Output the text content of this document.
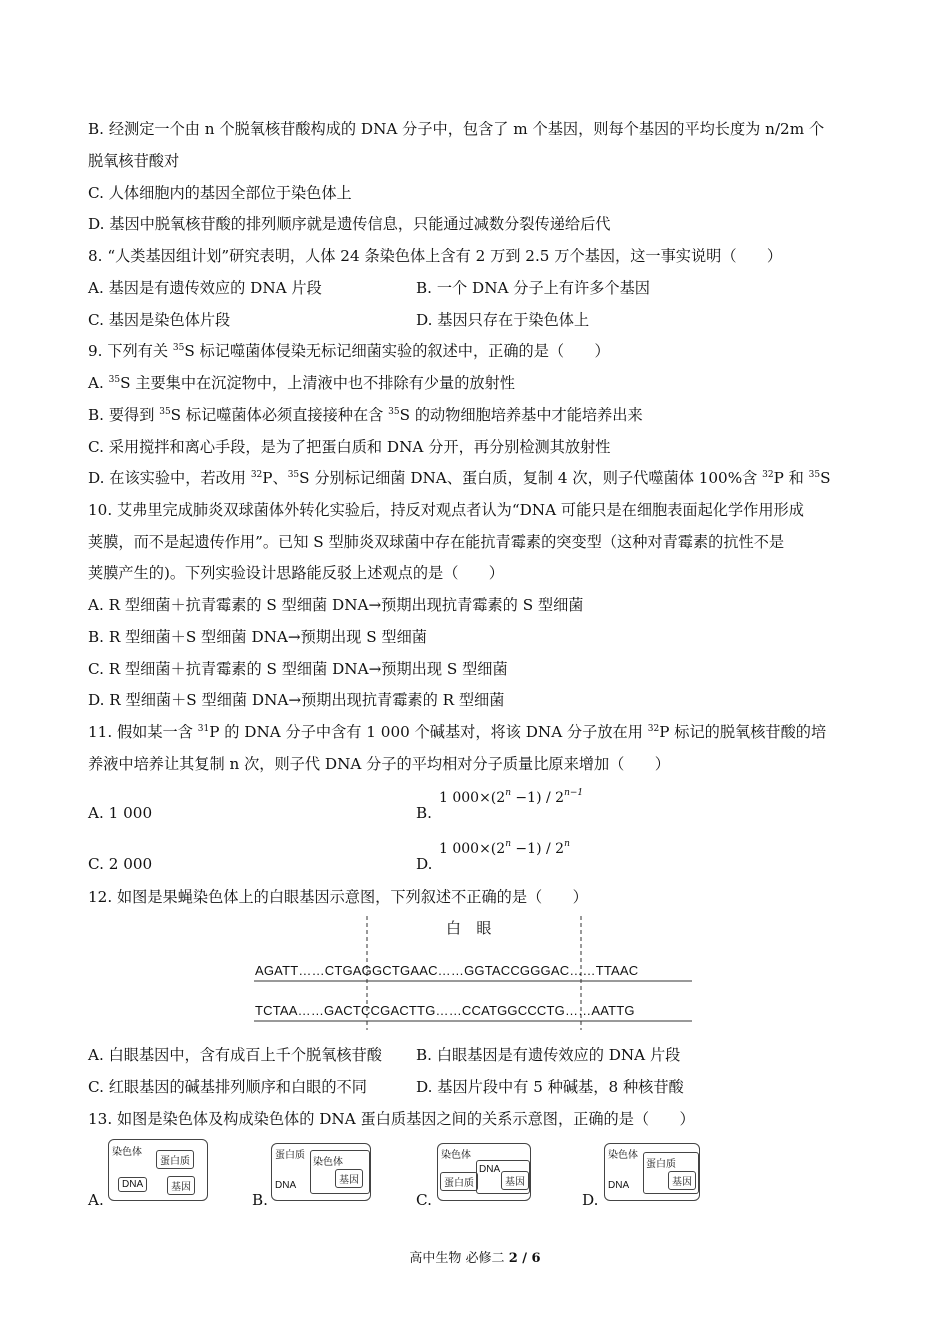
B. 经测定一个由 n 个脱氧核苷酸构成的 DNA 分子中，包含了 m 个基因，则每个基因的平均长度为 n/2m 个
脱氧核苷酸对
C. 人体细胞内的基因全部位于染色体上
D. 基因中脱氧核苷酸的排列顺序就是遗传信息，只能通过减数分裂传递给后代
8. “人类基因组计划”研究表明，人体 24 条染色体上含有 2 万到 2.5 万个基因，这一事实说明（　　）
A. 基因是有遗传效应的 DNA 片段	B. 一个 DNA 分子上有许多个基因
C. 基因是染色体片段	D. 基因只存在于染色体上
9. 下列有关 $^{35}$S 标记噬菌体侵染无标记细菌实验的叙述中，正确的是（　　）
A. $^{35}$S 主要集中在沉淀物中，上清液中也不排除有少量的放射性
B. 要得到 $^{35}$S 标记噬菌体必须直接接种在含 $^{35}$S 的动物细胞培养基中才能培养出来
C. 采用搅拌和离心手段，是为了把蛋白质和 DNA 分开，再分别检测其放射性
D. 在该实验中，若改用 $^{32}$P、$^{35}$S 分别标记细菌 DNA、蛋白质，复制 4 次，则子代噬菌体 100%含 $^{32}$P 和 $^{35}$S
10. 艾弗里完成肺炎双球菌体外转化实验后，持反对观点者认为“DNA 可能只是在细胞表面起化学作用形成
荚膜，而不是起遗传作用”。已知 S 型肺炎双球菌中存在能抗青霉素的突变型（这种对青霉素的抗性不是
荚膜产生的)。下列实验设计思路能反驳上述观点的是（　　）
A. R 型细菌＋抗青霉素的 S 型细菌 DNA→预期出现抗青霉素的 S 型细菌
B. R 型细菌＋S 型细菌 DNA→预期出现 S 型细菌
C. R 型细菌＋抗青霉素的 S 型细菌 DNA→预期出现 S 型细菌
D. R 型细菌＋S 型细菌 DNA→预期出现抗青霉素的 R 型细菌
11. 假如某一含 $^{31}$P 的 DNA 分子中含有 1 000 个碱基对，将该 DNA 分子放在用 $^{32}$P 标记的脱氧核苷酸的培
养液中培养让其复制 n 次，则子代 DNA 分子的平均相对分子质量比原来增加（　　）
A. 1 000	B.
1 $000\times(2^n -1) / 2^{n-1}$
C. 2 000	D.
1 $000\times(2^n -1) / 2^n$
12. 如图是果蝇染色体上的白眼基因示意图，下列叙述不正确的是（　　）
白　眼
AGATT……CTGAGGCTGAAC……GGTACCGGGAC……TTAAC
TCTAA……GACTCCGACTTG……CCATGGCCCTG……AATTG
A. 白眼基因中，含有成百上千个脱氧核苷酸 B. 白眼基因是有遗传效应的 DNA 片段
C. 红眼基因的碱基排列顺序和白眼的不同	D. 基因片段中有 5 种碱基，8 种核苷酸
13. 如图是染色体及构成染色体的 DNA 蛋白质基因之间的关系示意图，正确的是（　　）
A.
染色体
蛋白质
DNA	基因
B.
蛋白质
DNA
染色体
基因
C.
染色体
蛋白质
DNA
基因
D.
染色体
DNA
蛋白质
基因
高中生物 必修二 2 / 6
